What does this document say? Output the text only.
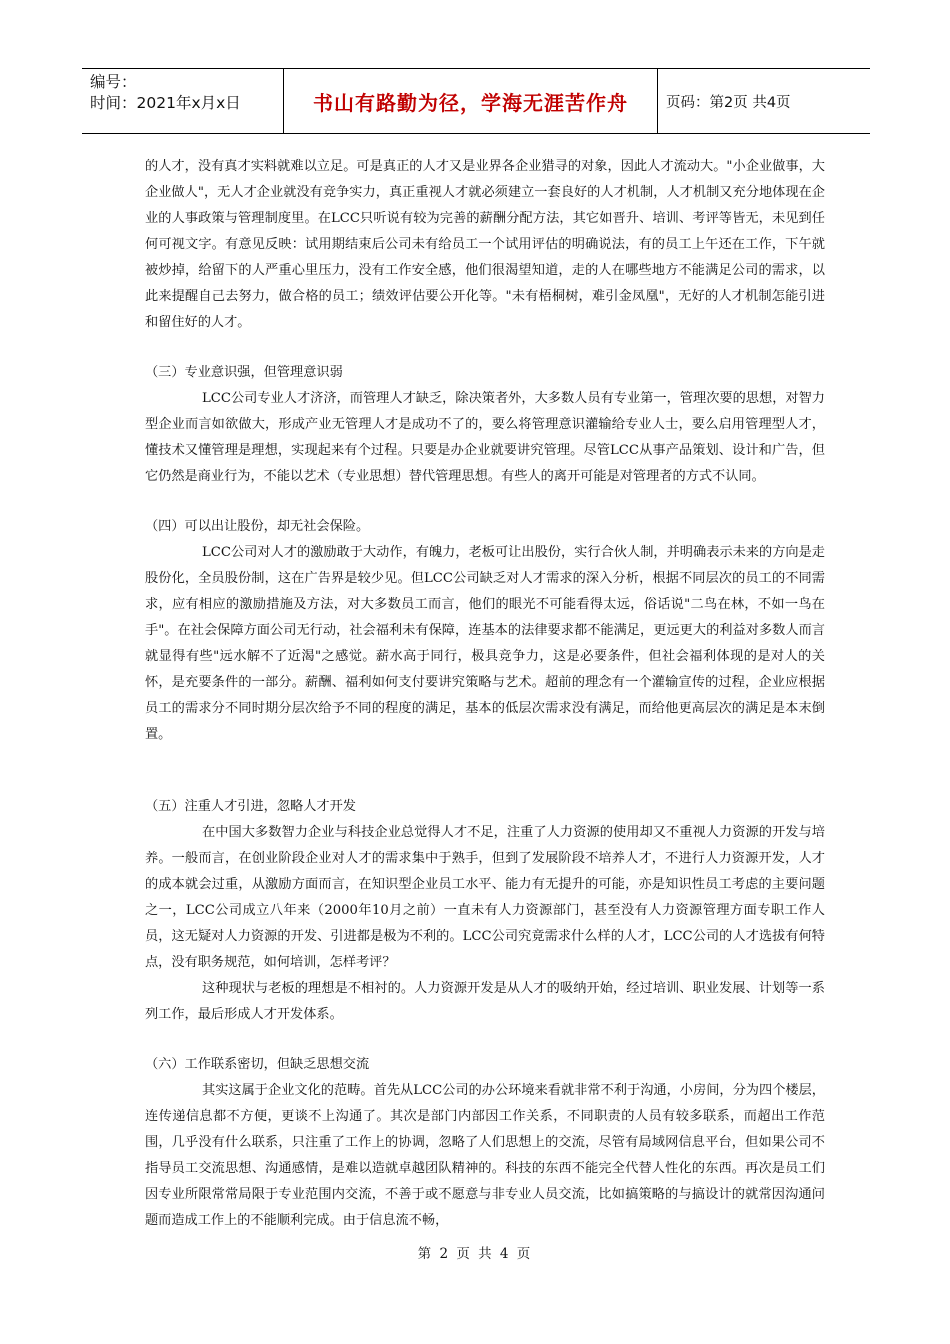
编号：
时间：2021年x月x日	书山有路勤为径，学海无涯苦作舟	页码：第2页 共4页

的人才，没有真才实料就难以立足。可是真正的人才又是业界各企业猎寻的对象，因此人才流动大。"小企业做事，大企业做人"，无人才企业就没有竞争实力，真正重视人才就必须建立一套良好的人才机制，人才机制又充分地体现在企业的人事政策与管理制度里。在LCC只听说有较为完善的薪酬分配方法，其它如晋升、培训、考评等皆无，未见到任何可视文字。有意见反映：试用期结束后公司未有给员工一个试用评估的明确说法，有的员工上午还在工作，下午就被炒掉，给留下的人严重心里压力，没有工作安全感，他们很渴望知道，走的人在哪些地方不能满足公司的需求，以此来提醒自己去努力，做合格的员工；绩效评估要公开化等。"未有梧桐树，难引金凤凰"，无好的人才机制怎能引进和留住好的人才。

（三）专业意识强，但管理意识弱

LCC公司专业人才济济，而管理人才缺乏，除决策者外，大多数人员有专业第一，管理次要的思想，对智力型企业而言如欲做大，形成产业无管理人才是成功不了的，要么将管理意识灌输给专业人士，要么启用管理型人才，懂技术又懂管理是理想，实现起来有个过程。只要是办企业就要讲究管理。尽管LCC从事产品策划、设计和广告，但它仍然是商业行为，不能以艺术（专业思想）替代管理思想。有些人的离开可能是对管理者的方式不认同。

（四）可以出让股份，却无社会保险。

LCC公司对人才的激励敢于大动作，有魄力，老板可让出股份，实行合伙人制，并明确表示未来的方向是走股份化，全员股份制，这在广告界是较少见。但LCC公司缺乏对人才需求的深入分析，根据不同层次的员工的不同需求，应有相应的激励措施及方法，对大多数员工而言，他们的眼光不可能看得太远，俗话说"二鸟在林，不如一鸟在手"。在社会保障方面公司无行动，社会福利未有保障，连基本的法律要求都不能满足，更远更大的利益对多数人而言就显得有些"远水解不了近渴"之感觉。薪水高于同行，极具竞争力，这是必要条件，但社会福利体现的是对人的关怀，是充要条件的一部分。薪酬、福利如何支付要讲究策略与艺术。超前的理念有一个灌输宣传的过程，企业应根据员工的需求分不同时期分层次给予不同的程度的满足，基本的低层次需求没有满足，而给他更高层次的满足是本末倒置。

（五）注重人才引进，忽略人才开发

在中国大多数智力企业与科技企业总觉得人才不足，注重了人力资源的使用却又不重视人力资源的开发与培养。一般而言，在创业阶段企业对人才的需求集中于熟手，但到了发展阶段不培养人才，不进行人力资源开发，人才的成本就会过重，从激励方面而言，在知识型企业员工水平、能力有无提升的可能，亦是知识性员工考虑的主要问题之一，LCC公司成立八年来（2000年10月之前）一直未有人力资源部门，甚至没有人力资源管理方面专职工作人员，这无疑对人力资源的开发、引进都是极为不利的。LCC公司究竟需求什么样的人才，LCC公司的人才选拔有何特点，没有职务规范，如何培训，怎样考评？

这种现状与老板的理想是不相衬的。人力资源开发是从人才的吸纳开始，经过培训、职业发展、计划等一系列工作，最后形成人才开发体系。

（六）工作联系密切，但缺乏思想交流

其实这属于企业文化的范畴。首先从LCC公司的办公环境来看就非常不利于沟通，小房间，分为四个楼层，连传递信息都不方便，更谈不上沟通了。其次是部门内部因工作关系，不同职责的人员有较多联系，而超出工作范围，几乎没有什么联系，只注重了工作上的协调，忽略了人们思想上的交流，尽管有局域网信息平台，但如果公司不指导员工交流思想、沟通感情，是难以造就卓越团队精神的。科技的东西不能完全代替人性化的东西。再次是员工们因专业所限常常局限于专业范围内交流，不善于或不愿意与非专业人员交流，比如搞策略的与搞设计的就常因沟通问题而造成工作上的不能顺利完成。由于信息流不畅，

第 2 页 共 4 页
